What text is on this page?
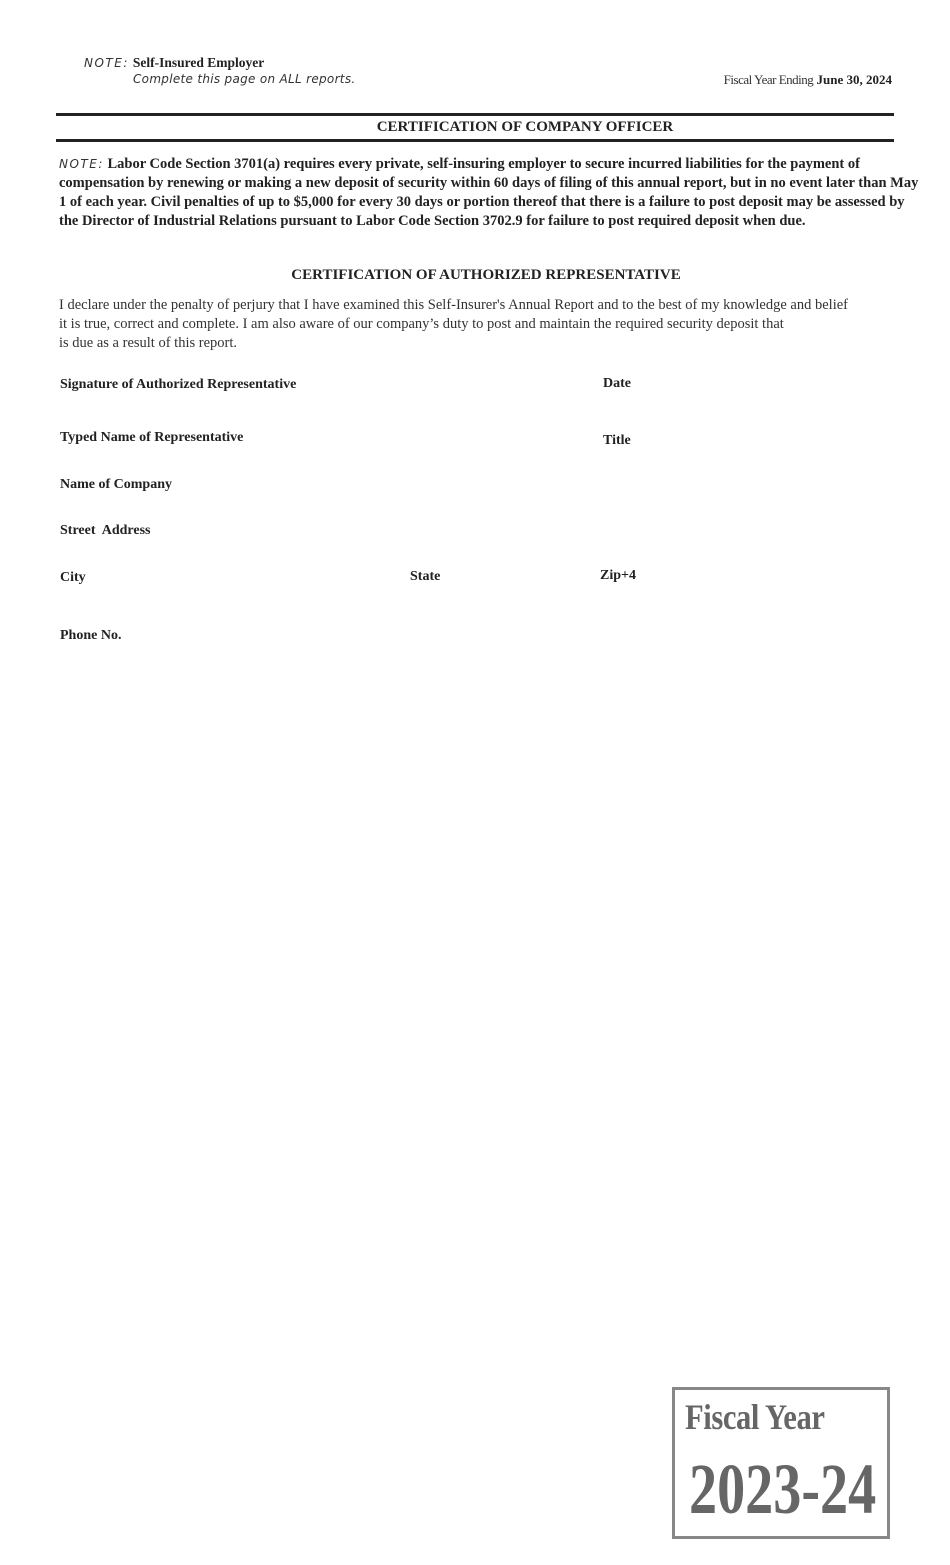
NOTE: Self-Insured Employer
Complete this page on ALL reports.	Fiscal Year Ending June 30, 2024
CERTIFICATION OF COMPANY OFFICER
NOTE: Labor Code Section 3701(a) requires every private, self-insuring employer to secure incurred liabilities for the payment of compensation by renewing or making a new deposit of security within 60 days of filing of this annual report, but in no event later than May 1 of each year. Civil penalties of up to $5,000 for every 30 days or portion thereof that there is a failure to post deposit may be assessed by the Director of Industrial Relations pursuant to Labor Code Section 3702.9 for failure to post required deposit when due.
CERTIFICATION OF AUTHORIZED REPRESENTATIVE
I declare under the penalty of perjury that I have examined this Self-Insurer's Annual Report and to the best of my knowledge and belief
it is true, correct and complete. I am also aware of our company’s duty to post and maintain the required security deposit that
is due as a result of this report.
Signature of Authorized Representative	Date
Typed Name of Representative	Title
Name of Company
Street  Address
City	State	Zip+4
Phone No.
Fiscal Year
2023-24
